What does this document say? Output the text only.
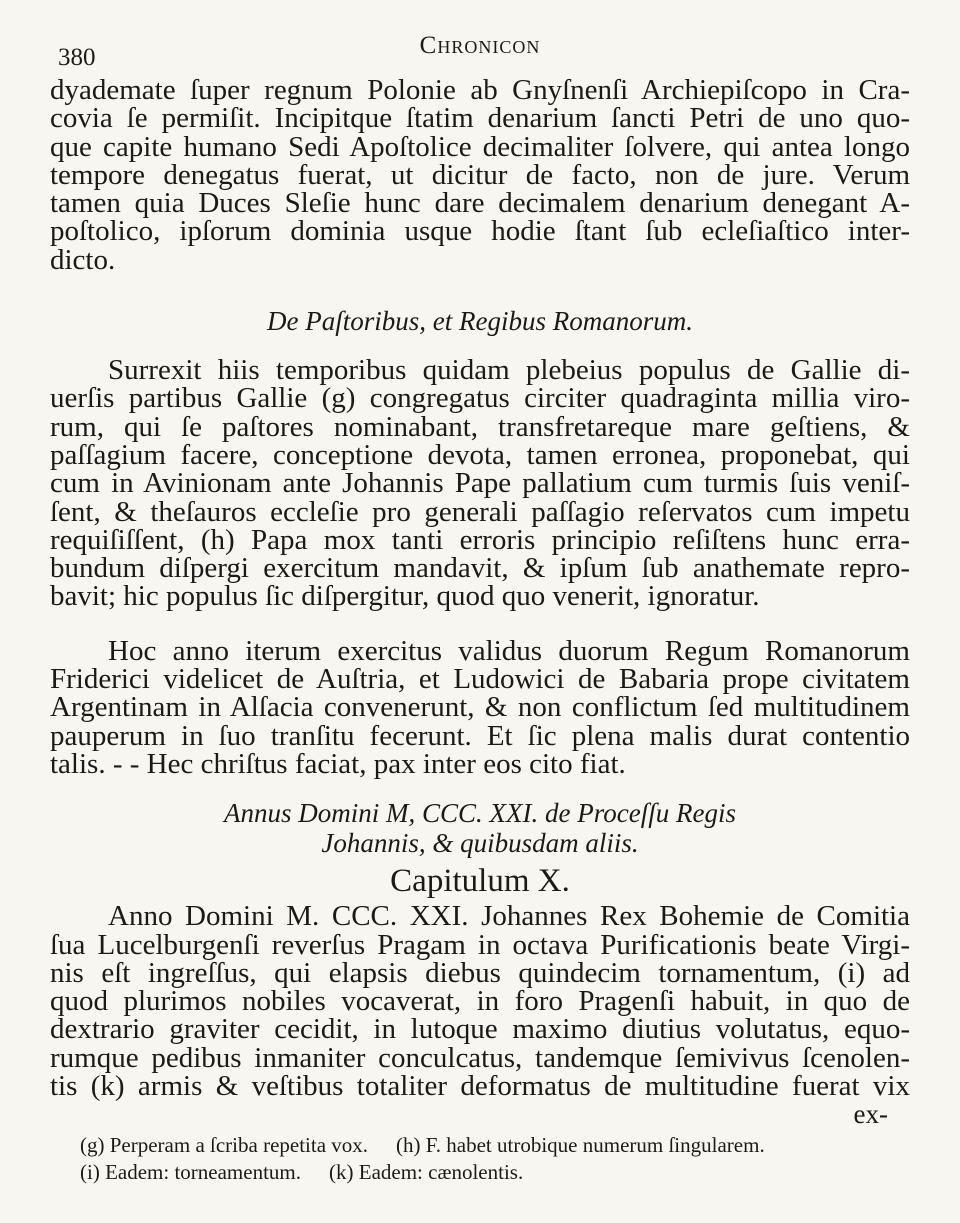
380	Chronicon
dyademate ſuper regnum Polonie ab Gnyſnenſi Archiepiſcopo in Cra-
covia ſe permiſit. Incipitque ſtatim denarium ſancti Petri de uno quo-
que capite humano Sedi Apoſtolice decimaliter ſolvere, qui antea longo
tempore denegatus fuerat, ut dicitur de facto, non de jure. Verum
tamen quia Duces Sleſie hunc dare decimalem denarium denegant A-
poſtolico, ipſorum dominia usque hodie ſtant ſub ecleſiaſtico inter-
dicto.
De Paſtoribus, et Regibus Romanorum.
Surrexit hiis temporibus quidam plebeius populus de Gallie di-
uerſis partibus Gallie (g) congregatus circiter quadraginta millia viro-
rum, qui ſe paſtores nominabant, transfretareque mare geſtiens, &
paſſagium facere, conceptione devota, tamen erronea, proponebat, qui
cum in Avinionam ante Johannis Pape pallatium cum turmis ſuis veniſ-
ſent, & theſauros eccleſie pro generali paſſagio reſervatos cum impetu
requiſiſſent, (h) Papa mox tanti erroris principio reſiſtens hunc erra-
bundum diſpergi exercitum mandavit, & ipſum ſub anathemate repro-
bavit; hic populus ſic diſpergitur, quod quo venerit, ignoratur.
Hoc anno iterum exercitus validus duorum Regum Romanorum
Friderici videlicet de Auſtria, et Ludowici de Babaria prope civitatem
Argentinam in Alſacia convenerunt, & non conflictum ſed multitudinem
pauperum in ſuo tranſitu fecerunt. Et ſic plena malis durat contentio
talis. - - Hec chriſtus faciat, pax inter eos cito fiat.
Annus Domini M, CCC. XXI. de Proceſſu Regis
Johannis, & quibusdam aliis.
Capitulum X.
Anno Domini M. CCC. XXI. Johannes Rex Bohemie de Comitia
ſua Lucelburgenſi reverſus Pragam in octava Purificationis beate Virgi-
nis eſt ingreſſus, qui elapsis diebus quindecim tornamentum, (i) ad
quod plurimos nobiles vocaverat, in foro Pragenſi habuit, in quo de
dextrario graviter cecidit, in lutoque maximo diutius volutatus, equo-
rumque pedibus inmaniter conculcatus, tandemque ſemivivus ſcenolen-
tis (k) armis & veſtibus totaliter deformatus de multitudine fuerat vix
ex-
(g) Perperam a ſcriba repetita vox. (h) F. habet utrobique numerum ſingularem.
(i) Eadem: torneamentum. (k) Eadem: cænolentis.
